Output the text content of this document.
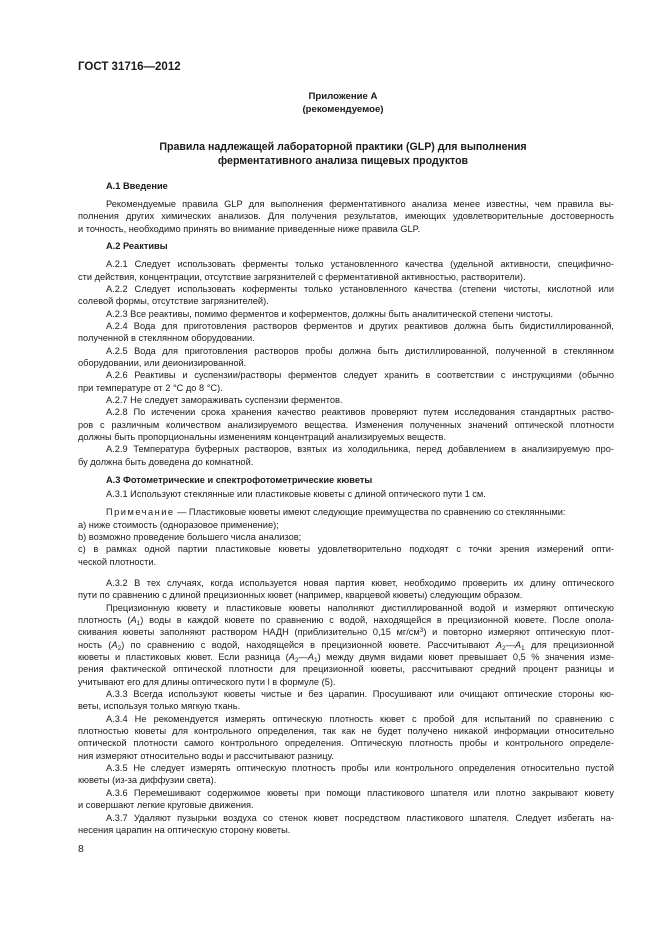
ГОСТ 31716—2012
Приложение А
(рекомендуемое)
Правила надлежащей лабораторной практики (GLP) для выполнения
ферментативного анализа пищевых продуктов
А.1 Введение
Рекомендуемые правила GLP для выполнения ферментативного анализа менее известны, чем правила вы-
полнения других химических анализов. Для получения результатов, имеющих удовлетворительные достоверность
и точность, необходимо принять во внимание приведенные ниже правила GLP.
А.2 Реактивы
А.2.1 Следует использовать ферменты только установленного качества (удельной активности, специфично-
сти действия, концентрации, отсутствие загрязнителей с ферментативной активностью, растворители).
А.2.2 Следует использовать коферменты только установленного качества (степени чистоты, кислотной или
солевой формы, отсутствие загрязнителей).
А.2.3 Все реактивы, помимо ферментов и коферментов, должны быть аналитической степени чистоты.
А.2.4 Вода для приготовления растворов ферментов и других реактивов должна быть бидистиллированной,
полученной в стеклянном оборудовании.
А.2.5 Вода для приготовления растворов пробы должна быть дистиллированной, полученной в стеклянном
оборудовании, или деионизированной.
А.2.6 Реактивы и суспензии/растворы ферментов следует хранить в соответствии с инструкциями (обычно
при температуре от 2 °С до 8 °С).
А.2.7 Не следует замораживать суспензии ферментов.
А.2.8 По истечении срока хранения качество реактивов проверяют путем исследования стандартных раство-
ров с различным количеством анализируемого вещества. Изменения полученных значений оптической плотности
должны быть пропорциональны изменениям концентраций анализируемых веществ.
А.2.9 Температура буферных растворов, взятых из холодильника, перед добавлением в анализируемую про-
бу должна быть доведена до комнатной.
А.3 Фотометрические и спектрофотометрические кюветы
А.3.1 Используют стеклянные или пластиковые кюветы с длиной оптического пути 1 см.
Примечание — Пластиковые кюветы имеют следующие преимущества по сравнению со стеклянными:
а) ниже стоимость (одноразовое применение);
b) возможно проведение большего числа анализов;
с) в рамках одной партии пластиковые кюветы удовлетворительно подходят с точки зрения измерений опти-
ческой плотности.
А.3.2 В тех случаях, когда используется новая партия кювет, необходимо проверить их длину оптического
пути по сравнению с длиной прецизионных кювет (например, кварцевой кюветы) следующим образом.
Прецизионную кювету и пластиковые кюветы наполняют дистиллированной водой и измеряют оптическую
плотность $(A_1)$ воды в каждой кювете по сравнению с водой, находящейся в прецизионной кювете. После опола-
скивания кюветы заполняют раствором НАДН (приблизительно 0,15 $мг/см^3$) и повторно измеряют оптическую плот-
ность $(A_2)$ по сравнению с водой, находящейся в прецизионной кювете. Рассчитывают $A_2—A_1$ для прецизионной
кюветы и пластиковых кювет. Если разница $(A_2—A_1)$ между двумя видами кювет превышает 0,5 % значения изме-
рения фактической оптической плотности для прецизионной кюветы, рассчитывают средний процент разницы и
учитывают его для длины оптического пути l в формуле (5).
А.3.3 Всегда используют кюветы чистые и без царапин. Просушивают или очищают оптические стороны кю-
веты, используя только мягкую ткань.
А.3.4 Не рекомендуется измерять оптическую плотность кювет с пробой для испытаний по сравнению с
плотностью кюветы для контрольного определения, так как не будет получено никакой информации относительно
оптической плотности самого контрольного определения. Оптическую плотность пробы и контрольного определе-
ния измеряют относительно воды и рассчитывают разницу.
А.3.5 Не следует измерять оптическую плотность пробы или контрольного определения относительно пустой
кюветы (из-за диффузии света).
А.3.6 Перемешивают содержимое кюветы при помощи пластикового шпателя или плотно закрывают кювету
и совершают легкие круговые движения.
А.3.7 Удаляют пузырьки воздуха со стенок кювет посредством пластикового шпателя. Следует избегать на-
несения царапин на оптическую сторону кюветы.
8
